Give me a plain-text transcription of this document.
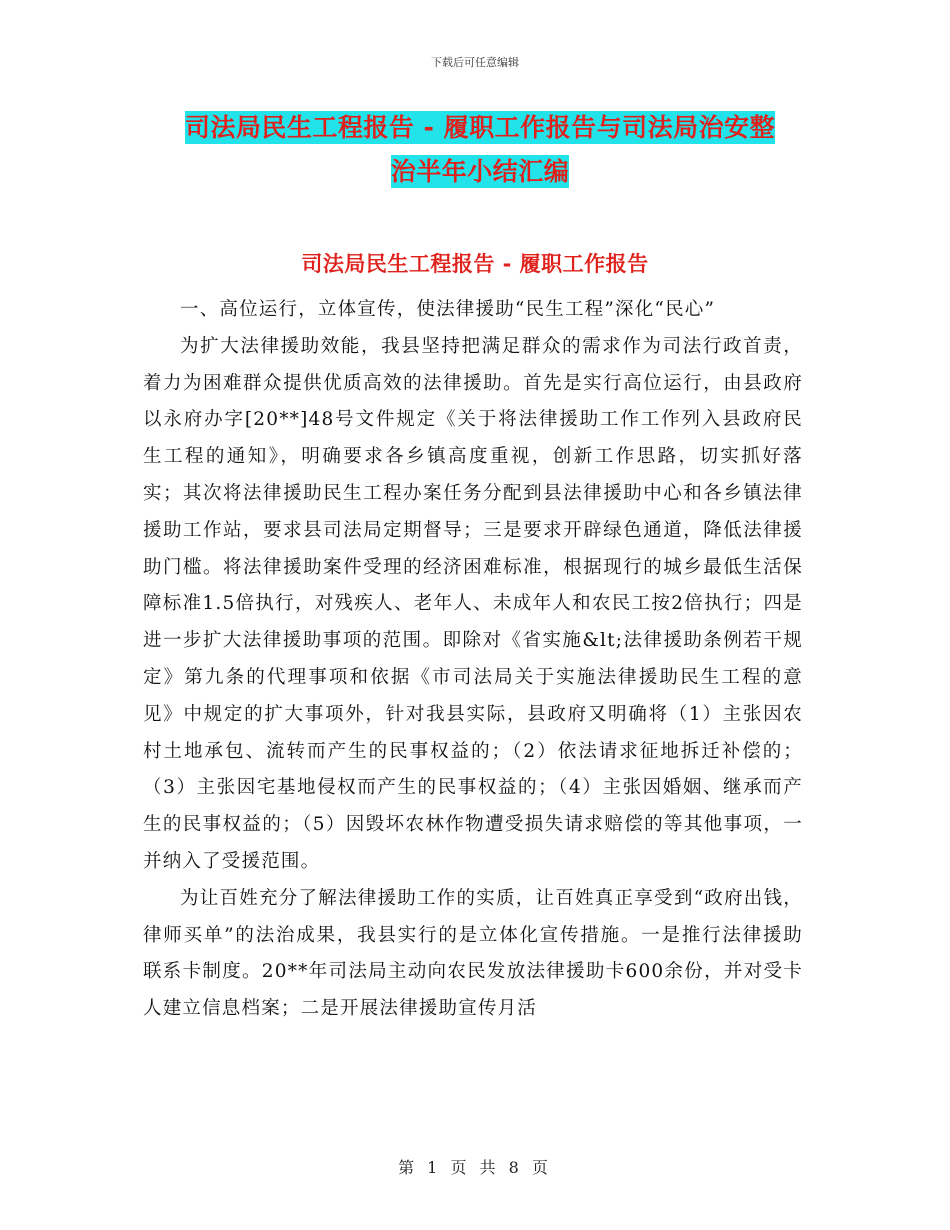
下载后可任意编辑
司法局民生工程报告 - 履职工作报告与司法局治安整
治半年小结汇编
司法局民生工程报告 - 履职工作报告

一、高位运行，立体宣传，使法律援助“民生工程”深化“民心”

为扩大法律援助效能，我县坚持把满足群众的需求作为司法行政首责，着力为困难群众提供优质高效的法律援助。首先是实行高位运行，由县政府以永府办字[20**]48号文件规定《关于将法律援助工作工作列入县政府民生工程的通知》，明确要求各乡镇高度重视，创新工作思路，切实抓好落实；其次将法律援助民生工程办案任务分配到县法律援助中心和各乡镇法律援助工作站，要求县司法局定期督导；三是要求开辟绿色通道，降低法律援助门槛。将法律援助案件受理的经济困难标准，根据现行的城乡最低生活保障标准1.5倍执行，对残疾人、老年人、未成年人和农民工按2倍执行；四是进一步扩大法律援助事项的范围。即除对《省实施&lt;法律援助条例若干规定》第九条的代理事项和依据《市司法局关于实施法律援助民生工程的意见》中规定的扩大事项外，针对我县实际，县政府又明确将（1）主张因农村土地承包、流转而产生的民事权益的；（2）依法请求征地拆迁补偿的；（3）主张因宅基地侵权而产生的民事权益的；（4）主张因婚姻、继承而产生的民事权益的；（5）因毁坏农林作物遭受损失请求赔偿的等其他事项，一并纳入了受援范围。

为让百姓充分了解法律援助工作的实质，让百姓真正享受到“政府出钱，律师买单”的法治成果，我县实行的是立体化宣传措施。一是推行法律援助联系卡制度。20**年司法局主动向农民发放法律援助卡600余份，并对受卡人建立信息档案；二是开展法律援助宣传月活

第 1 页 共 8 页
